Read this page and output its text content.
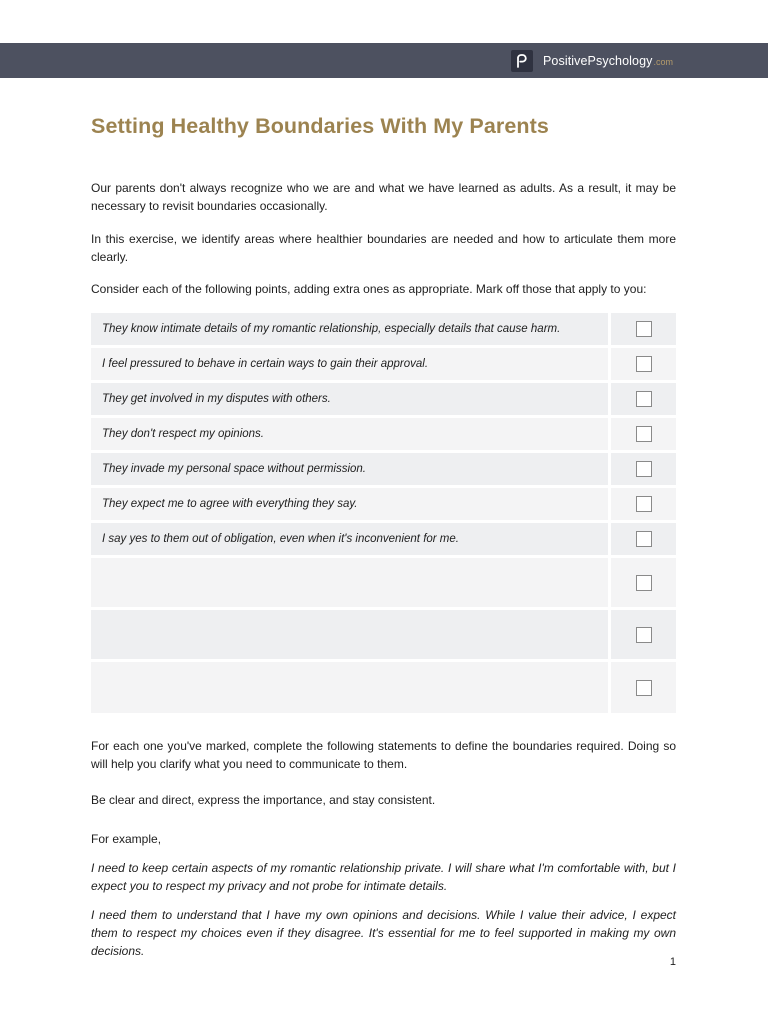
PositivePsychology .com
Setting Healthy Boundaries With My Parents

Our parents don't always recognize who we are and what we have learned as adults. As a result, it may be necessary to revisit boundaries occasionally.

In this exercise, we identify areas where healthier boundaries are needed and how to articulate them more clearly.

Consider each of the following points, adding extra ones as appropriate. Mark off those that apply to you:

They know intimate details of my romantic relationship, especially details that cause harm.
I feel pressured to behave in certain ways to gain their approval.
They get involved in my disputes with others.
They don't respect my opinions.
They invade my personal space without permission.
They expect me to agree with everything they say.
I say yes to them out of obligation, even when it's inconvenient for me.

For each one you've marked, complete the following statements to define the boundaries required. Doing so will help you clarify what you need to communicate to them.

Be clear and direct, express the importance, and stay consistent.

For example,

I need to keep certain aspects of my romantic relationship private. I will share what I'm comfortable with, but I expect you to respect my privacy and not probe for intimate details.

I need them to understand that I have my own opinions and decisions. While I value their advice, I expect them to respect my choices even if they disagree. It's essential for me to feel supported in making my own decisions.

1
